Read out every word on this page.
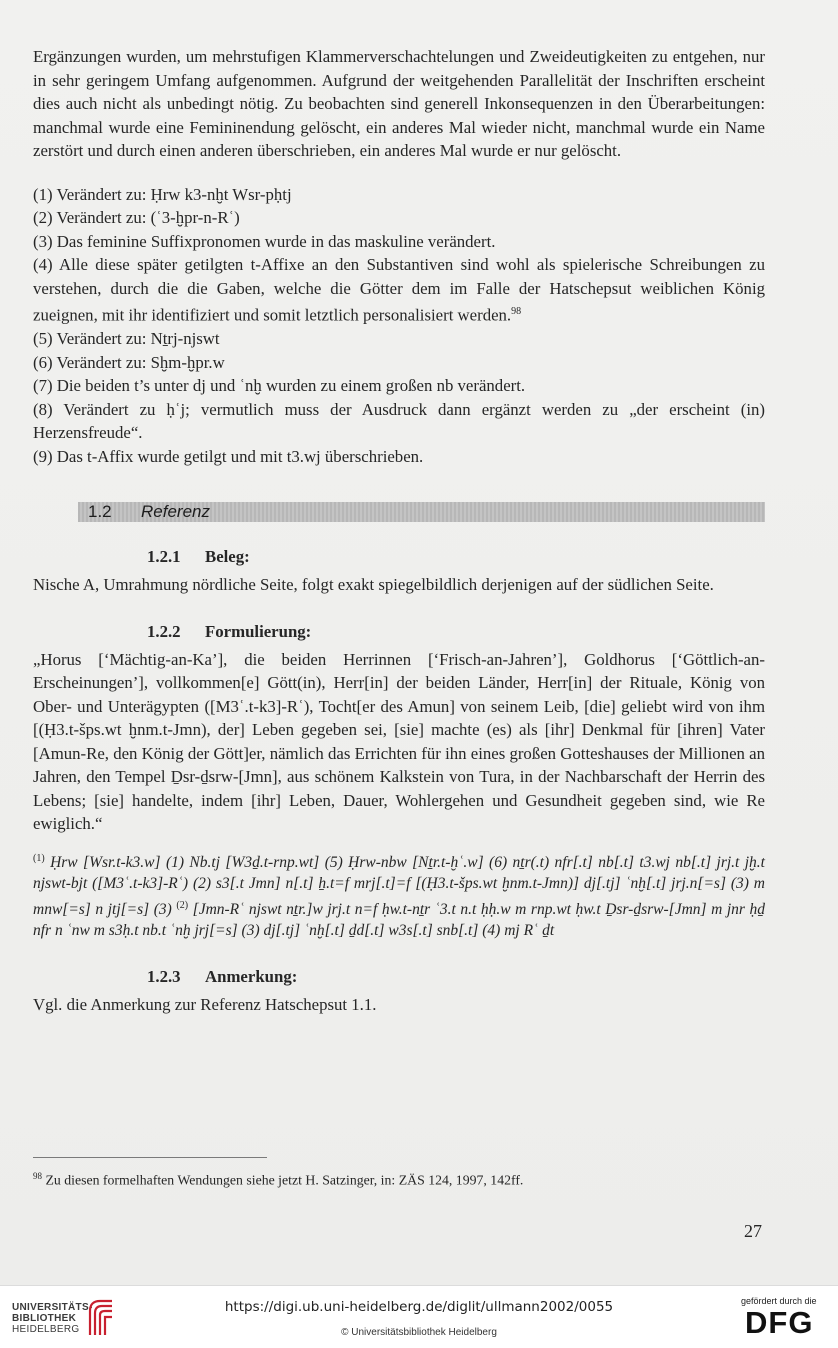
Ergänzungen wurden, um mehrstufigen Klammerverschachtelungen und Zweideutigkeiten zu entgehen, nur in sehr geringem Umfang aufgenommen. Aufgrund der weitgehenden Parallelität der Inschriften erscheint dies auch nicht als unbedingt nötig. Zu beobachten sind generell Inkonsequenzen in den Überarbeitungen: manchmal wurde eine Femininendung gelöscht, ein anderes Mal wieder nicht, manchmal wurde ein Name zerstört und durch einen anderen überschrieben, ein anderes Mal wurde er nur gelöscht.

(1) Verändert zu: Ḥrw k3-nḫt Wsr-pḥtj

(2) Verändert zu: (ʿ3-ḫpr-n-Rʿ)

(3) Das feminine Suffixpronomen wurde in das maskuline verändert.

(4) Alle diese später getilgten t-Affixe an den Substantiven sind wohl als spielerische Schreibungen zu verstehen, durch die die Gaben, welche die Götter dem im Falle der Hatschepsut weiblichen König zueignen, mit ihr identifiziert und somit letztlich personalisiert werden.$^{98}$

(5) Verändert zu: Nṯrj-njswt

(6) Verändert zu: Sḫm-ḫpr.w

(7) Die beiden t’s unter dj und ʿnḫ wurden zu einem großen nb verändert.

(8) Verändert zu ḥʿj; vermutlich muss der Ausdruck dann ergänzt werden zu „der erscheint (in) Herzensfreude“.

(9) Das t-Affix wurde getilgt und mit t3.wj überschrieben.

1.2 Referenz
1.2.1 Beleg:

Nische A, Umrahmung nördliche Seite, folgt exakt spiegelbildlich derjenigen auf der südlichen Seite.

1.2.2 Formulierung:

„Horus [‘Mächtig-an-Ka’], die beiden Herrinnen [‘Frisch-an-Jahren’], Goldhorus [‘Göttlich-an-Erscheinungen’], vollkommen[e] Gött(in), Herr[in] der beiden Länder, Herr[in] der Rituale, König von Ober- und Unterägypten ([M3ʿ.t-k3]-Rʿ), Tocht[er des Amun] von seinem Leib, [die] geliebt wird von ihm [(Ḥ3.t-šps.wt ḫnm.t-Jmn), der] Leben gegeben sei, [sie] machte (es) als [ihr] Denkmal für [ihren] Vater [Amun-Re, den König der Gött]er, nämlich das Errichten für ihn eines großen Gotteshauses der Millionen an Jahren, den Tempel Ḏsr-ḏsrw-[Jmn], aus schönem Kalkstein von Tura, in der Nachbarschaft der Herrin des Lebens; [sie] handelte, indem [ihr] Leben, Dauer, Wohlergehen und Gesundheit gegeben sind, wie Re ewiglich.“

$^{(1)}$ Ḥrw [Wsr.t-k3.w] (1) Nb.tj [W3ḏ.t-rnp.wt] (5) Ḥrw-nbw [Nṯr.t-ḫʿ.w] (6) nṯr(.t) nfr[.t] nb[.t] t3.wj nb[.t] jrj.t jḫ.t njswt-bjt ([M3ʿ.t-k3]-Rʿ) (2) s3[.t Jmn] n[.t] ẖ.t=f mrj[.t]=f [(Ḥ3.t-šps.wt ḫnm.t-Jmn)] dj[.tj] ʿnḫ[.t] jrj.n[=s] (3) m mnw[=s] n jtj[=s] (3) $^{(2)}$ [Jmn-Rʿ njswt nṯr.]w jrj.t n=f ḥw.t-nṯr ʿ3.t n.t ḥḥ.w m rnp.wt ḥw.t Ḏsr-ḏsrw-[Jmn] m jnr ḥḏ nfr n ʿnw m s3ḥ.t nb.t ʿnḫ jrj[=s] (3) dj[.tj] ʿnḫ[.t] ḏd[.t] w3s[.t] snb[.t] (4) mj Rʿ ḏt

1.2.3 Anmerkung:

Vgl. die Anmerkung zur Referenz Hatschepsut 1.1.

$^{98}$ Zu diesen formelhaften Wendungen siehe jetzt H. Satzinger, in: ZÄS 124, 1997, 142ff.
27
UNIVERSITÄTS-
BIBLIOTHEK
HEIDELBERG
https://digi.ub.uni-heidelberg.de/diglit/ullmann2002/0055
© Universitätsbibliothek Heidelberg
gefördert durch die
DFG
